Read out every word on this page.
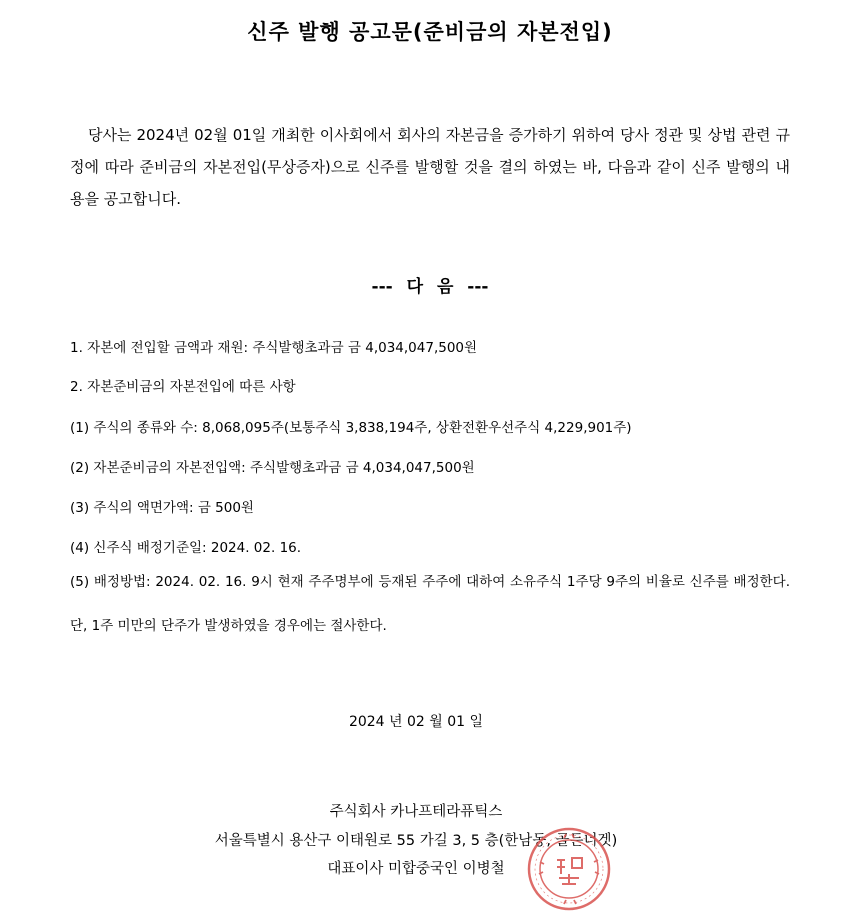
신주 발행 공고문(준비금의 자본전입)

당사는 2024년 02월 01일 개최한 이사회에서 회사의 자본금을 증가하기 위하여 당사 정관 및 상법 관련 규정에 따라 준비금의 자본전입(무상증자)으로 신주를 발행할 것을 결의 하였는 바, 다음과 같이 신주 발행의 내용을 공고합니다.

--- 다 음 ---
1. 자본에 전입할 금액과 재원: 주식발행초과금 금 4,034,047,500원
2. 자본준비금의 자본전입에 따른 사항
(1) 주식의 종류와 수: 8,068,095주(보통주식 3,838,194주, 상환전환우선주식 4,229,901주)
(2) 자본준비금의 자본전입액: 주식발행초과금 금 4,034,047,500원
(3) 주식의 액면가액: 금 500원
(4) 신주식 배정기준일: 2024. 02. 16.
(5) 배정방법: 2024. 02. 16. 9시 현재 주주명부에 등재된 주주에 대하여 소유주식 1주당 9주의 비율로 신주를 배정한다. 단, 1주 미만의 단주가 발생하였을 경우에는 절사한다.
2024 년 02 월 01 일
주식회사 카나프테라퓨틱스
서울특별시 용산구 이태원로 55 가길 3, 5 층(한남동, 골든너겟)
대표이사 미합중국인 이병철
